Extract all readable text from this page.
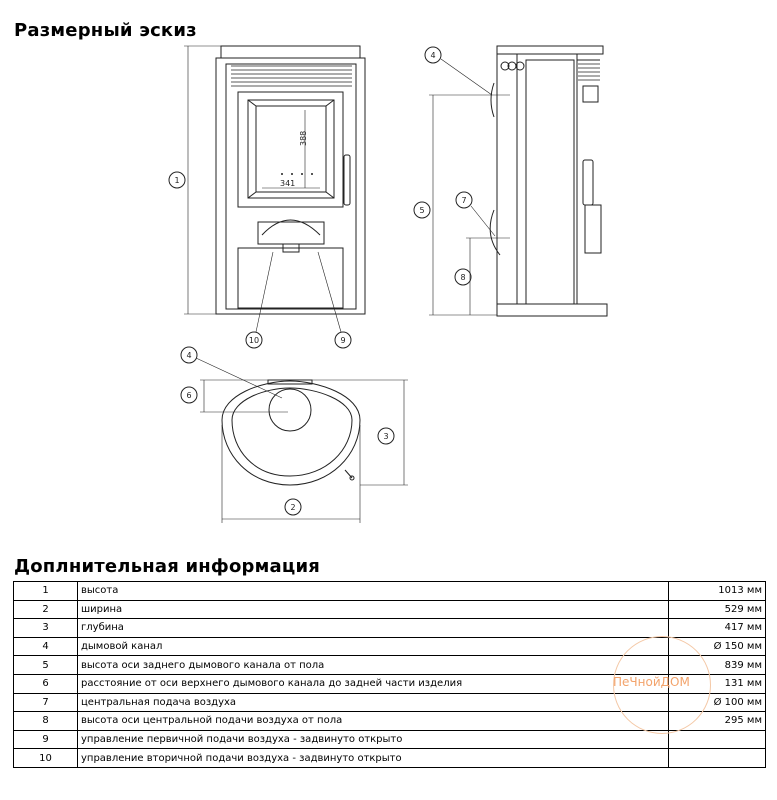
Размерный эскиз
388
341
1
10	9
4
5
7
8
4
6
3
2
Доплнительная информация
1	высота	1013 мм
2	ширина	529 мм
3	глубина	417 мм
4	дымовой канал	Ø 150 мм
5	высота оси заднего дымового канала от пола	839 мм
6	расстояние от оси верхнего дымового канала до задней части изделия	131 мм
7	центральная подача воздуха	Ø 100 мм
8	высота оси центральной подачи воздуха от пола	295 мм
9	управление первичной подачи воздуха - задвинуто открыто	
10	управление вторичной подачи воздуха - задвинуто открыто	
ПеЧнойДОМ
